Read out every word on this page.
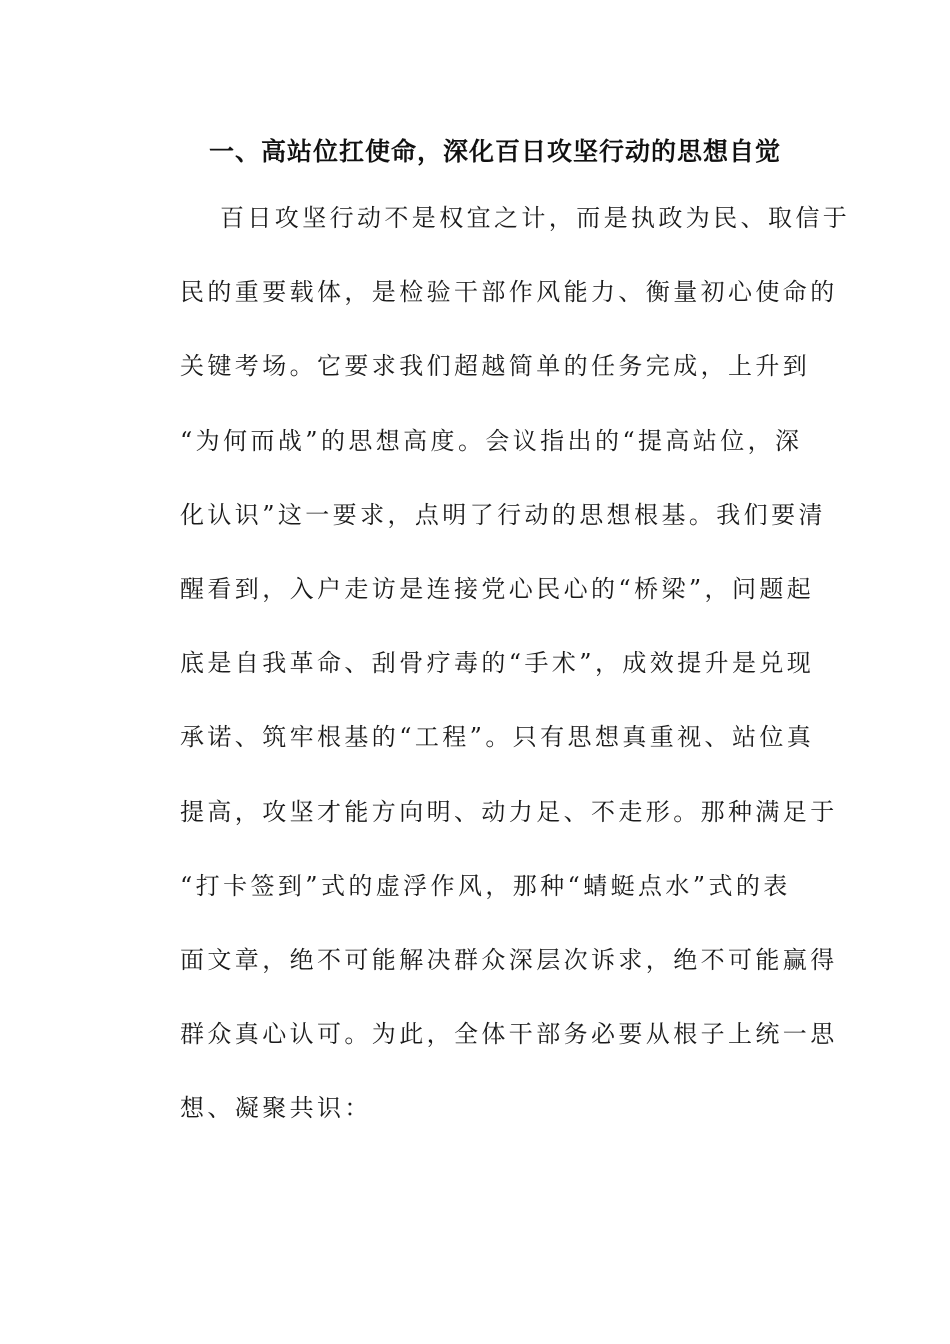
一、高站位扛使命，深化百日攻坚行动的思想自觉
百日攻坚行动不是权宜之计，而是执政为民、取信于
民的重要载体，是检验干部作风能力、衡量初心使命的
关键考场。它要求我们超越简单的任务完成，上升到
“为何而战”的思想高度。会议指出的“提高站位，深
化认识”这一要求，点明了行动的思想根基。我们要清
醒看到，入户走访是连接党心民心的“桥梁”，问题起
底是自我革命、刮骨疗毒的“手术”，成效提升是兑现
承诺、筑牢根基的“工程”。只有思想真重视、站位真
提高，攻坚才能方向明、动力足、不走形。那种满足于
“打卡签到”式的虚浮作风，那种“蜻蜓点水”式的表
面文章，绝不可能解决群众深层次诉求，绝不可能赢得
群众真心认可。为此，全体干部务必要从根子上统一思
想、凝聚共识：
